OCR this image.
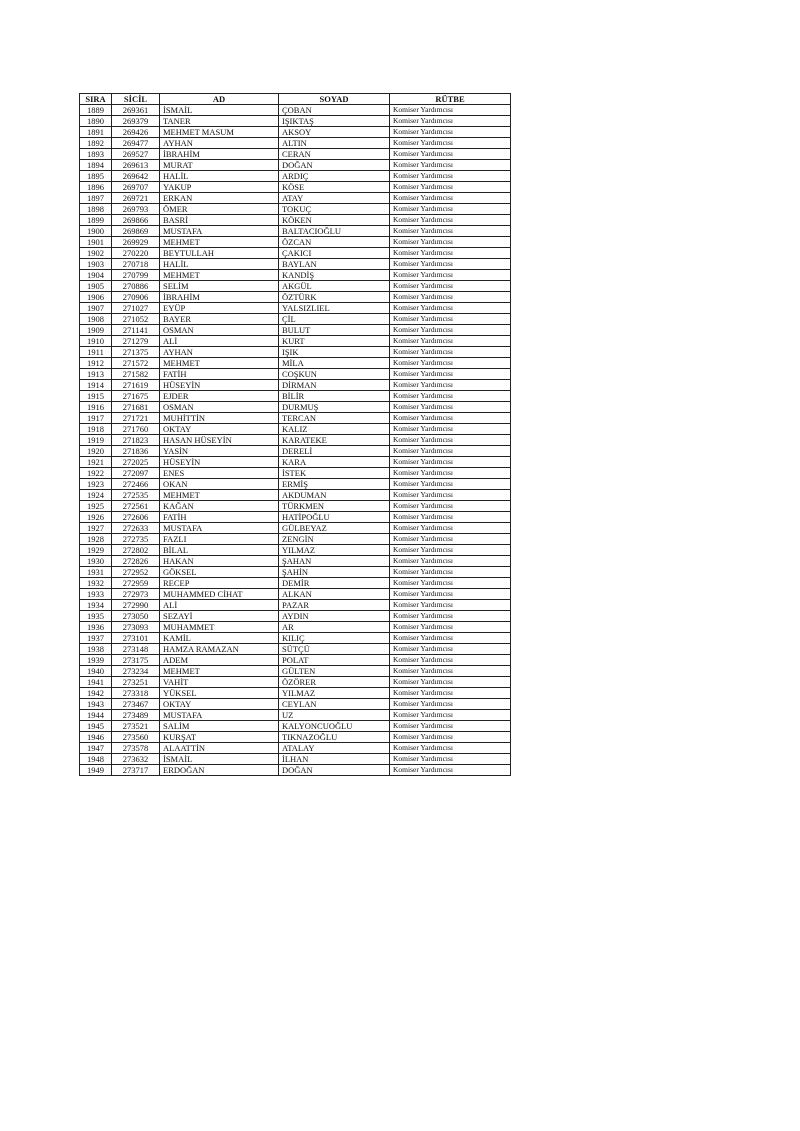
SIRA	SİCİL	AD	SOYAD	RÜTBE
1889	269361	İSMAİL	ÇOBAN	Komiser Yardımcısı
1890	269379	TANER	IŞIKTAŞ	Komiser Yardımcısı
1891	269426	MEHMET MASUM	AKSOY	Komiser Yardımcısı
1892	269477	AYHAN	ALTIN	Komiser Yardımcısı
1893	269527	İBRAHİM	CERAN	Komiser Yardımcısı
1894	269613	MURAT	DOĞAN	Komiser Yardımcısı
1895	269642	HALİL	ARDIÇ	Komiser Yardımcısı
1896	269707	YAKUP	KÖSE	Komiser Yardımcısı
1897	269721	ERKAN	ATAY	Komiser Yardımcısı
1898	269793	ÖMER	TOKUÇ	Komiser Yardımcısı
1899	269866	BASRİ	KÖKEN	Komiser Yardımcısı
1900	269869	MUSTAFA	BALTACIOĞLU	Komiser Yardımcısı
1901	269929	MEHMET	ÖZCAN	Komiser Yardımcısı
1902	270220	BEYTULLAH	ÇAKICI	Komiser Yardımcısı
1903	270718	HALİL	BAYLAN	Komiser Yardımcısı
1904	270799	MEHMET	KANDİŞ	Komiser Yardımcısı
1905	270886	SELİM	AKGÜL	Komiser Yardımcısı
1906	270906	İBRAHİM	ÖZTÜRK	Komiser Yardımcısı
1907	271027	EYÜP	YALSIZLIEL	Komiser Yardımcısı
1908	271052	BAYER	ÇİL	Komiser Yardımcısı
1909	271141	OSMAN	BULUT	Komiser Yardımcısı
1910	271279	ALİ	KURT	Komiser Yardımcısı
1911	271375	AYHAN	IŞIK	Komiser Yardımcısı
1912	271572	MEHMET	MİLA	Komiser Yardımcısı
1913	271582	FATİH	COŞKUN	Komiser Yardımcısı
1914	271619	HÜSEYİN	DİRMAN	Komiser Yardımcısı
1915	271675	EJDER	BİLİR	Komiser Yardımcısı
1916	271681	OSMAN	DURMUŞ	Komiser Yardımcısı
1917	271721	MUHİTTİN	TERCAN	Komiser Yardımcısı
1918	271760	OKTAY	KALIZ	Komiser Yardımcısı
1919	271823	HASAN HÜSEYİN	KARATEKE	Komiser Yardımcısı
1920	271836	YASİN	DERELİ	Komiser Yardımcısı
1921	272025	HÜSEYİN	KARA	Komiser Yardımcısı
1922	272097	ENES	İSTEK	Komiser Yardımcısı
1923	272466	OKAN	ERMİŞ	Komiser Yardımcısı
1924	272535	MEHMET	AKDUMAN	Komiser Yardımcısı
1925	272561	KAĞAN	TÜRKMEN	Komiser Yardımcısı
1926	272606	FATİH	HATİPOĞLU	Komiser Yardımcısı
1927	272633	MUSTAFA	GÜLBEYAZ	Komiser Yardımcısı
1928	272735	FAZLI	ZENGİN	Komiser Yardımcısı
1929	272802	BİLAL	YILMAZ	Komiser Yardımcısı
1930	272826	HAKAN	ŞAHAN	Komiser Yardımcısı
1931	272952	GÖKSEL	ŞAHİN	Komiser Yardımcısı
1932	272959	RECEP	DEMİR	Komiser Yardımcısı
1933	272973	MUHAMMED CİHAT	ALKAN	Komiser Yardımcısı
1934	272990	ALİ	PAZAR	Komiser Yardımcısı
1935	273050	SEZAYİ	AYDIN	Komiser Yardımcısı
1936	273093	MUHAMMET	AR	Komiser Yardımcısı
1937	273101	KAMİL	KILIÇ	Komiser Yardımcısı
1938	273148	HAMZA RAMAZAN	SÜTÇÜ	Komiser Yardımcısı
1939	273175	ADEM	POLAT	Komiser Yardımcısı
1940	273234	MEHMET	GÜLTEN	Komiser Yardımcısı
1941	273251	VAHİT	ÖZÖRER	Komiser Yardımcısı
1942	273318	YÜKSEL	YILMAZ	Komiser Yardımcısı
1943	273467	OKTAY	CEYLAN	Komiser Yardımcısı
1944	273489	MUSTAFA	UZ	Komiser Yardımcısı
1945	273521	SALİM	KALYONCUOĞLU	Komiser Yardımcısı
1946	273560	KURŞAT	TIKNAZOĞLU	Komiser Yardımcısı
1947	273578	ALAATTİN	ATALAY	Komiser Yardımcısı
1948	273632	İSMAİL	İLHAN	Komiser Yardımcısı
1949	273717	ERDOĞAN	DOĞAN	Komiser Yardımcısı
